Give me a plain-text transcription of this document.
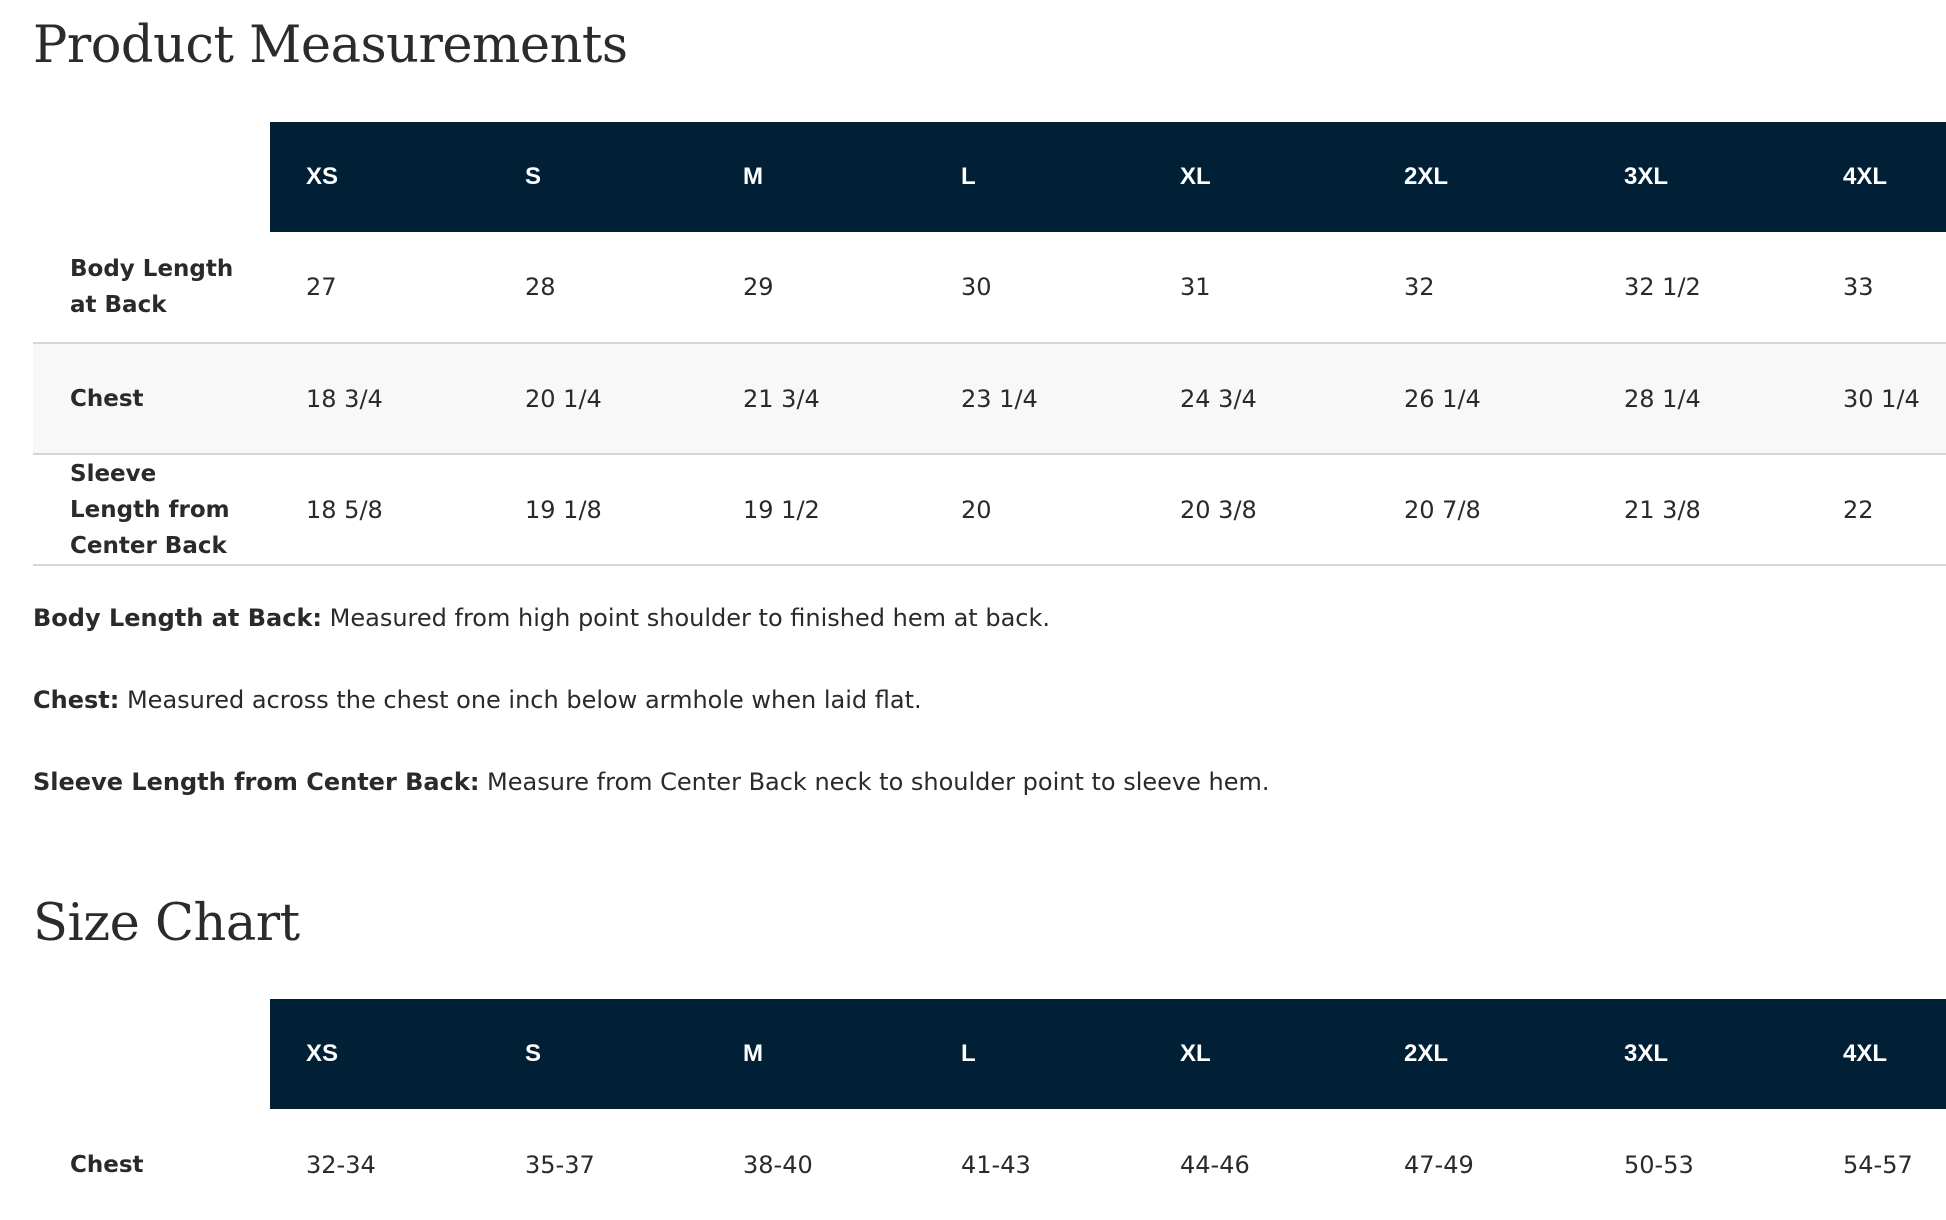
Product Measurements
	XS	S	M	L	XL	2XL	3XL	4XL
Body Length at Back	27	28	29	30	31	32	32 1/2	33
Chest	18 3/4	20 1/4	21 3/4	23 1/4	24 3/4	26 1/4	28 1/4	30 1/4
Sleeve Length from Center Back	18 5/8	19 1/8	19 1/2	20	20 3/8	20 7/8	21 3/8	22

Body Length at Back: Measured from high point shoulder to finished hem at back.

Chest: Measured across the chest one inch below armhole when laid flat.

Sleeve Length from Center Back: Measure from Center Back neck to shoulder point to sleeve hem.

Size Chart
	XS	S	M	L	XL	2XL	3XL	4XL
Chest	32-34	35-37	38-40	41-43	44-46	47-49	50-53	54-57
